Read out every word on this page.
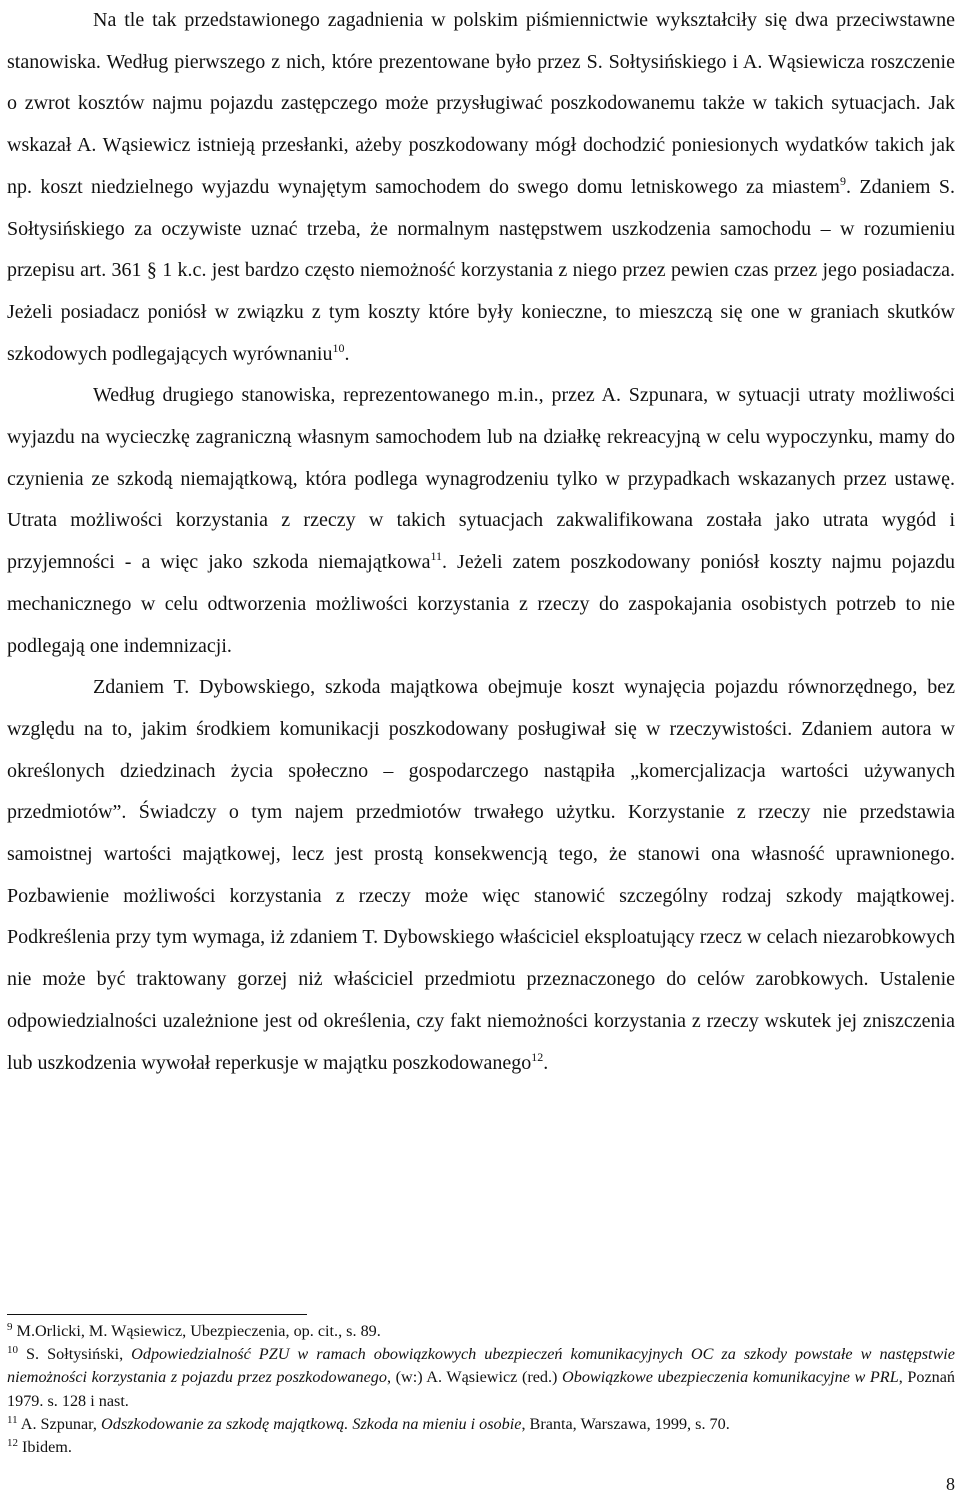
Na tle tak przedstawionego zagadnienia w polskim piśmiennictwie wykształciły się dwa przeciwstawne stanowiska. Według pierwszego z nich, które prezentowane było przez S. Sołtysińskiego i A. Wąsiewicza roszczenie o zwrot kosztów najmu pojazdu zastępczego może przysługiwać poszkodowanemu także w takich sytuacjach. Jak wskazał A. Wąsiewicz istnieją przesłanki, ażeby poszkodowany mógł dochodzić poniesionych wydatków takich jak np. koszt niedzielnego wyjazdu wynajętym samochodem do swego domu letniskowego za miastem$^9$. Zdaniem S. Sołtysińskiego za oczywiste uznać trzeba, że normalnym następstwem uszkodzenia samochodu – w rozumieniu przepisu art. 361 § 1 k.c. jest bardzo często niemożność korzystania z niego przez pewien czas przez jego posiadacza. Jeżeli posiadacz poniósł w związku z tym koszty które były konieczne, to mieszczą się one w graniach skutków szkodowych podlegających wyrównaniu$^{10}$.

Według drugiego stanowiska, reprezentowanego m.in., przez A. Szpunara, w sytuacji utraty możliwości wyjazdu na wycieczkę zagraniczną własnym samochodem lub na działkę rekreacyjną w celu wypoczynku, mamy do czynienia ze szkodą niemajątkową, która podlega wynagrodzeniu tylko w przypadkach wskazanych przez ustawę. Utrata możliwości korzystania z rzeczy w takich sytuacjach zakwalifikowana została jako utrata wygód i przyjemności - a więc jako szkoda niemajątkowa$^{11}$. Jeżeli zatem poszkodowany poniósł koszty najmu pojazdu mechanicznego w celu odtworzenia możliwości korzystania z rzeczy do zaspokajania osobistych potrzeb to nie podlegają one indemnizacji.

Zdaniem T. Dybowskiego, szkoda majątkowa obejmuje koszt wynajęcia pojazdu równorzędnego, bez względu na to, jakim środkiem komunikacji poszkodowany posługiwał się w rzeczywistości. Zdaniem autora w określonych dziedzinach życia społeczno – gospodarczego nastąpiła „komercjalizacja wartości używanych przedmiotów”. Świadczy o tym najem przedmiotów trwałego użytku. Korzystanie z rzeczy nie przedstawia samoistnej wartości majątkowej, lecz jest prostą konsekwencją tego, że stanowi ona własność uprawnionego. Pozbawienie możliwości korzystania z rzeczy może więc stanowić szczególny rodzaj szkody majątkowej. Podkreślenia przy tym wymaga, iż zdaniem T. Dybowskiego właściciel eksploatujący rzecz w celach niezarobkowych nie może być traktowany gorzej niż właściciel przedmiotu przeznaczonego do celów zarobkowych. Ustalenie odpowiedzialności uzależnione jest od określenia, czy fakt niemożności korzystania z rzeczy wskutek jej zniszczenia lub uszkodzenia wywołał reperkusje w majątku poszkodowanego$^{12}$.

$^9$ M.Orlicki, M. Wąsiewicz, Ubezpieczenia, op. cit., s. 89.

$^{10}$ S. Sołtysiński, Odpowiedzialność PZU w ramach obowiązkowych ubezpieczeń komunikacyjnych OC za szkody powstałe w następstwie niemożności korzystania z pojazdu przez poszkodowanego, (w:) A. Wąsiewicz (red.) Obowiązkowe ubezpieczenia komunikacyjne w PRL, Poznań 1979. s. 128 i nast.

$^{11}$ A. Szpunar, Odszkodowanie za szkodę majątkową. Szkoda na mieniu i osobie, Branta, Warszawa, 1999, s. 70.

$^{12}$ Ibidem.

8
